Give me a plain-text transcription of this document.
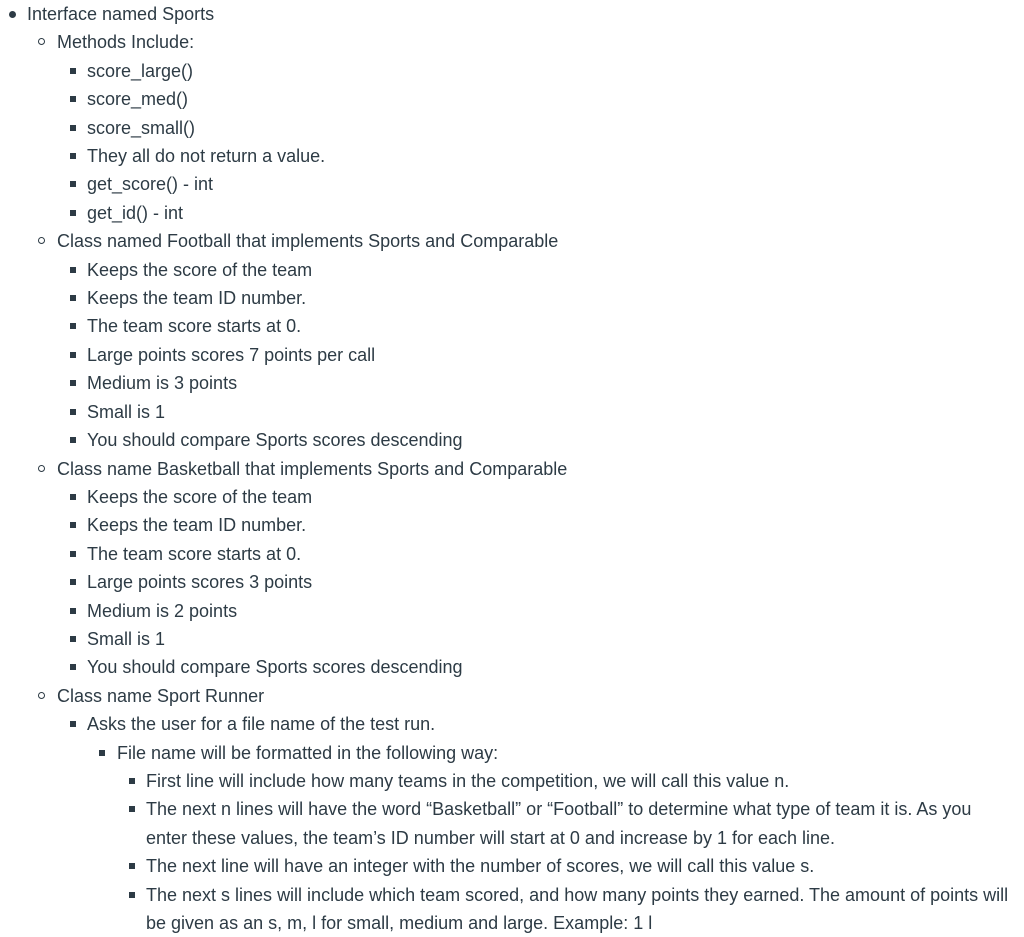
Interface named Sports
Methods Include:
score_large()
score_med()
score_small()
They all do not return a value.
get_score() - int
get_id() - int
Class named Football that implements Sports and Comparable
Keeps the score of the team
Keeps the team ID number.
The team score starts at 0.
Large points scores 7 points per call
Medium is 3 points
Small is 1
You should compare Sports scores descending
Class name Basketball that implements Sports and Comparable
Keeps the score of the team
Keeps the team ID number.
The team score starts at 0.
Large points scores 3 points
Medium is 2 points
Small is 1
You should compare Sports scores descending
Class name Sport Runner
Asks the user for a file name of the test run.
File name will be formatted in the following way:
First line will include how many teams in the competition, we will call this value n.
The next n lines will have the word “Basketball” or “Football” to determine what type of team it is. As you enter these values, the team’s ID number will start at 0 and increase by 1 for each line.
The next line will have an integer with the number of scores, we will call this value s.
The next s lines will include which team scored, and how many points they earned. The amount of points will be given as an s, m, l for small, medium and large. Example: 1 l
